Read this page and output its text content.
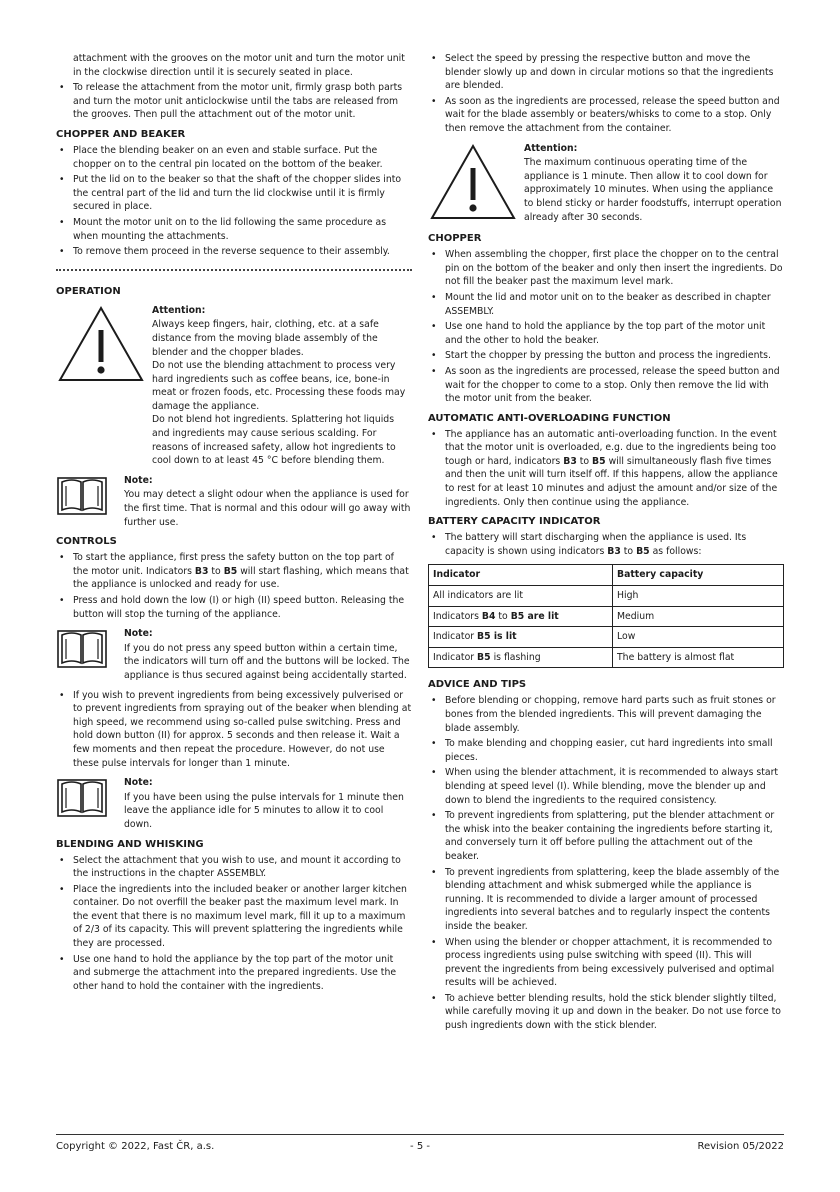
attachment with the grooves on the motor unit and turn the motor unit in the clockwise direction until it is securely seated in place.
• To release the attachment from the motor unit, firmly grasp both parts and turn the motor unit anticlockwise until the tabs are released from the grooves. Then pull the attachment out of the motor unit.
CHOPPER AND BEAKER
• Place the blending beaker on an even and stable surface. Put the chopper on to the central pin located on the bottom of the beaker.
• Put the lid on to the beaker so that the shaft of the chopper slides into the central part of the lid and turn the lid clockwise until it is firmly secured in place.
• Mount the motor unit on to the lid following the same procedure as when mounting the attachments.
• To remove them proceed in the reverse sequence to their assembly.
OPERATION
Attention:
Always keep fingers, hair, clothing, etc. at a safe distance from the moving blade assembly of the blender and the chopper blades.
Do not use the blending attachment to process very hard ingredients such as coffee beans, ice, bone-in meat or frozen foods, etc. Processing these foods may damage the appliance.
Do not blend hot ingredients. Splattering hot liquids and ingredients may cause serious scalding. For reasons of increased safety, allow hot ingredients to cool down to at least 45 °C before blending them.
Note:
You may detect a slight odour when the appliance is used for the first time. That is normal and this odour will go away with further use.
CONTROLS
• To start the appliance, first press the safety button on the top part of the motor unit. Indicators B3 to B5 will start flashing, which means that the appliance is unlocked and ready for use.
• Press and hold down the low (I) or high (II) speed button. Releasing the button will stop the turning of the appliance.
Note:
If you do not press any speed button within a certain time, the indicators will turn off and the buttons will be locked. The appliance is thus secured against being accidentally started.
• If you wish to prevent ingredients from being excessively pulverised or to prevent ingredients from spraying out of the beaker when blending at high speed, we recommend using so-called pulse switching. Press and hold down button (II) for approx. 5 seconds and then release it. Wait a few moments and then repeat the procedure. However, do not use these pulse intervals for longer than 1 minute.
Note:
If you have been using the pulse intervals for 1 minute then leave the appliance idle for 5 minutes to allow it to cool down.
BLENDING AND WHISKING
• Select the attachment that you wish to use, and mount it according to the instructions in the chapter ASSEMBLY.
• Place the ingredients into the included beaker or another larger kitchen container. Do not overfill the beaker past the maximum level mark. In the event that there is no maximum level mark, fill it up to a maximum of 2/3 of its capacity. This will prevent splattering the ingredients while they are processed.
• Use one hand to hold the appliance by the top part of the motor unit and submerge the attachment into the prepared ingredients. Use the other hand to hold the container with the ingredients.
• Select the speed by pressing the respective button and move the blender slowly up and down in circular motions so that the ingredients are blended.
• As soon as the ingredients are processed, release the speed button and wait for the blade assembly or beaters/whisks to come to a stop. Only then remove the attachment from the container.
Attention:
The maximum continuous operating time of the appliance is 1 minute. Then allow it to cool down for approximately 10 minutes. When using the appliance to blend sticky or harder foodstuffs, interrupt operation already after 30 seconds.
CHOPPER
• When assembling the chopper, first place the chopper on to the central pin on the bottom of the beaker and only then insert the ingredients. Do not fill the beaker past the maximum level mark.
• Mount the lid and motor unit on to the beaker as described in chapter ASSEMBLY.
• Use one hand to hold the appliance by the top part of the motor unit and the other to hold the beaker.
• Start the chopper by pressing the button and process the ingredients.
• As soon as the ingredients are processed, release the speed button and wait for the chopper to come to a stop. Only then remove the lid with the motor unit from the beaker.
AUTOMATIC ANTI-OVERLOADING FUNCTION
• The appliance has an automatic anti-overloading function. In the event that the motor unit is overloaded, e.g. due to the ingredients being too tough or hard, indicators B3 to B5 will simultaneously flash five times and then the unit will turn itself off. If this happens, allow the appliance to rest for at least 10 minutes and adjust the amount and/or size of the ingredients. Only then continue using the appliance.
BATTERY CAPACITY INDICATOR
• The battery will start discharging when the appliance is used. Its capacity is shown using indicators B3 to B5 as follows:
Indicator	Battery capacity
All indicators are lit	High
Indicators B4 to B5 are lit	Medium
Indicator B5 is lit	Low
Indicator B5 is flashing	The battery is almost flat
ADVICE AND TIPS
• Before blending or chopping, remove hard parts such as fruit stones or bones from the blended ingredients. This will prevent damaging the blade assembly.
• To make blending and chopping easier, cut hard ingredients into small pieces.
• When using the blender attachment, it is recommended to always start blending at speed level (I). While blending, move the blender up and down to blend the ingredients to the required consistency.
• To prevent ingredients from splattering, put the blender attachment or the whisk into the beaker containing the ingredients before starting it, and conversely turn it off before pulling the attachment out of the beaker.
• To prevent ingredients from splattering, keep the blade assembly of the blending attachment and whisk submerged while the appliance is running. It is recommended to divide a larger amount of processed ingredients into several batches and to regularly inspect the contents inside the beaker.
• When using the blender or chopper attachment, it is recommended to process ingredients using pulse switching with speed (II). This will prevent the ingredients from being excessively pulverised and optimal results will be achieved.
• To achieve better blending results, hold the stick blender slightly tilted, while carefully moving it up and down in the beaker. Do not use force to push ingredients down with the stick blender.
Copyright © 2022, Fast ČR, a.s.	- 5 -	Revision 05/2022
